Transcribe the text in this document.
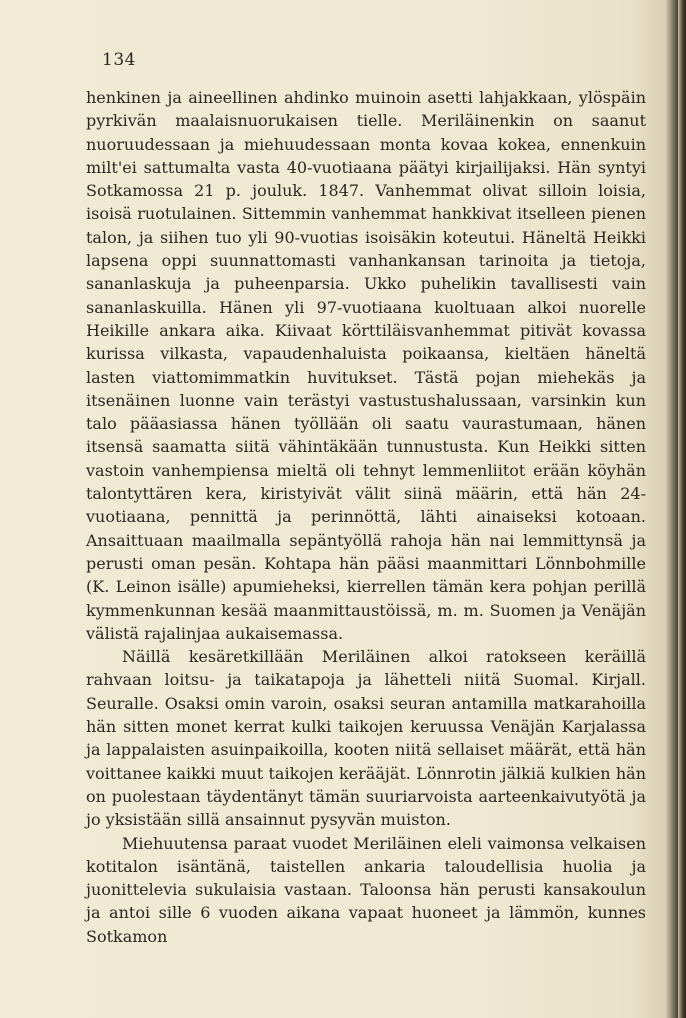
134

henkinen ja aineellinen ahdinko muinoin asetti lahjakkaan, ylöspäin pyrkivän maalaisnuorukaisen tielle. Meriläinenkin on saanut nuoruudessaan ja miehuudessaan monta kovaa kokea, ennenkuin milt'ei sattumalta vasta 40-vuotiaana päätyi kirjailijaksi. Hän syntyi Sotkamossa 21 p. jouluk. 1847. Vanhemmat olivat silloin loisia, isoisä ruotulainen. Sittemmin vanhemmat hankkivat itselleen pienen talon, ja siihen tuo yli 90-vuotias isoisäkin koteutui. Häneltä Heikki lapsena oppi suunnattomasti vanhankansan tarinoita ja tietoja, sananlaskuja ja puheenparsia. Ukko puhelikin tavallisesti vain sananlaskuilla. Hänen yli 97-vuotiaana kuoltuaan alkoi nuorelle Heikille ankara aika. Kiivaat körttiläisvanhemmat pitivät kovassa kurissa vilkasta, vapaudenhaluista poikaansa, kieltäen häneltä lasten viattomimmatkin huvitukset. Tästä pojan miehekäs ja itsenäinen luonne vain terästyi vastustushalussaan, varsinkin kun talo pääasiassa hänen työllään oli saatu vaurastumaan, hänen itsensä saamatta siitä vähintäkään tunnustusta. Kun Heikki sitten vastoin vanhempiensa mieltä oli tehnyt lemmenliitot erään köyhän talontyttären kera, kiristyivät välit siinä määrin, että hän 24-vuotiaana, pennittä ja perinnöttä, lähti ainaiseksi kotoaan. Ansaittuaan maailmalla sepäntyöllä rahoja hän nai lemmittynsä ja perusti oman pesän. Kohtapa hän pääsi maanmittari Lönnbohmille (K. Leinon isälle) apumieheksi, kierrellen tämän kera pohjan perillä kymmenkunnan kesää maanmittaustöissä, m. m. Suomen ja Venäjän välistä rajalinjaa aukaisemassa.

Näillä kesäretkillään Meriläinen alkoi ratokseen keräillä rahvaan loitsu- ja taikatapoja ja lähetteli niitä Suomal. Kirjall. Seuralle. Osaksi omin varoin, osaksi seuran antamilla matkarahoilla hän sitten monet kerrat kulki taikojen keruussa Venäjän Karjalassa ja lappalaisten asuinpaikoilla, kooten niitä sellaiset määrät, että hän voittanee kaikki muut taikojen kerääjät. Lönnrotin jälkiä kulkien hän on puolestaan täydentänyt tämän suuriarvoista aarteenkaivutyötä ja jo yksistään sillä ansainnut pysyvän muiston.

Miehuutensa paraat vuodet Meriläinen eleli vaimonsa velkaisen kotitalon isäntänä, taistellen ankaria taloudellisia huolia ja juonittelevia sukulaisia vastaan. Taloonsa hän perusti kansakoulun ja antoi sille 6 vuoden aikana vapaat huoneet ja lämmön, kunnes Sotkamon
